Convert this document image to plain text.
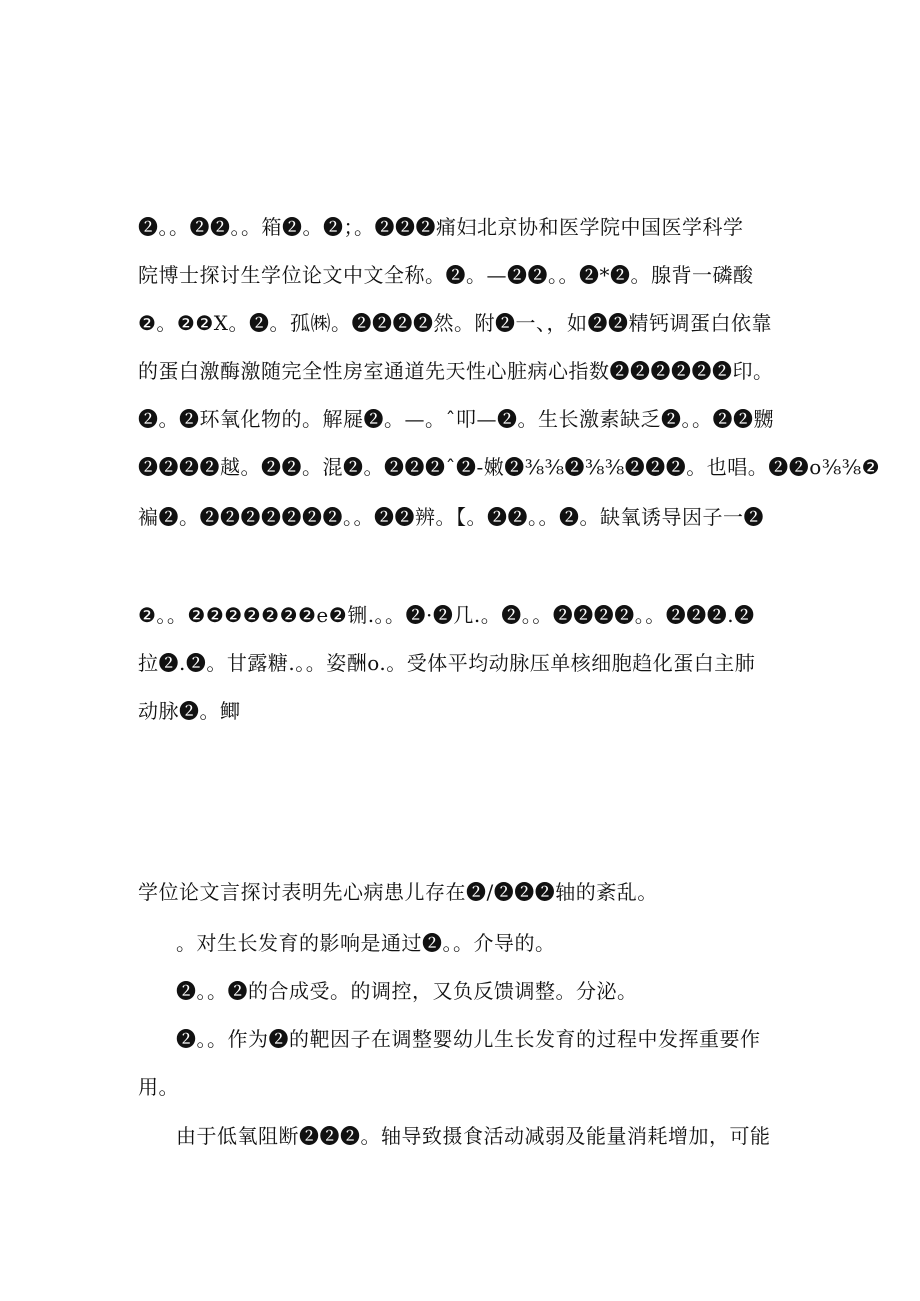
❷。。❷❷。。箱❷。❷；。❷❷❷痛妇北京协和医学院中国医学科学
院博士探讨生学位论文中文全称。❷。—❷❷。。❷*❷。腺背一磷酸
❷。❷❷X。❷。孤㈱。❷❷❷❷然。附❷一、，如❷❷精钙调蛋白依靠
的蛋白激酶激随完全性房室通道先天性心脏病心指数❷❷❷❷❷❷印。
❷。❷环氧化物的。解屣❷。—。ˆ叩—❷。生长激素缺乏❷。。❷❷嬲
❷❷❷❷越。❷❷。混❷。❷❷❷ˆ❷-嫩❷⅜⅜❷⅜⅜❷❷❷。也唱。❷❷o⅜⅜❷
褊❷。❷❷❷❷❷❷❷。。❷❷辨。【。❷❷。。❷。缺氧诱导因子一❷
❷。。❷❷❷❷❷❷❷e❷铏.。。❷·❷几.。❷。。❷❷❷❷。。❷❷❷.❷
拉❷.❷。甘露糖.。。姿酬o.。受体平均动脉压单核细胞趋化蛋白主肺
动脉❷。鲫
学位论文言探讨表明先心病患儿存在❷/❷❷❷轴的紊乱。
。对生长发育的影响是通过❷。。介导的。
❷。。❷的合成受。的调控，又负反馈调整。分泌。
❷。。作为❷的靶因子在调整婴幼儿生长发育的过程中发挥重要作
用。
由于低氧阻断❷❷❷。轴导致摄食活动减弱及能量消耗增加，可能
